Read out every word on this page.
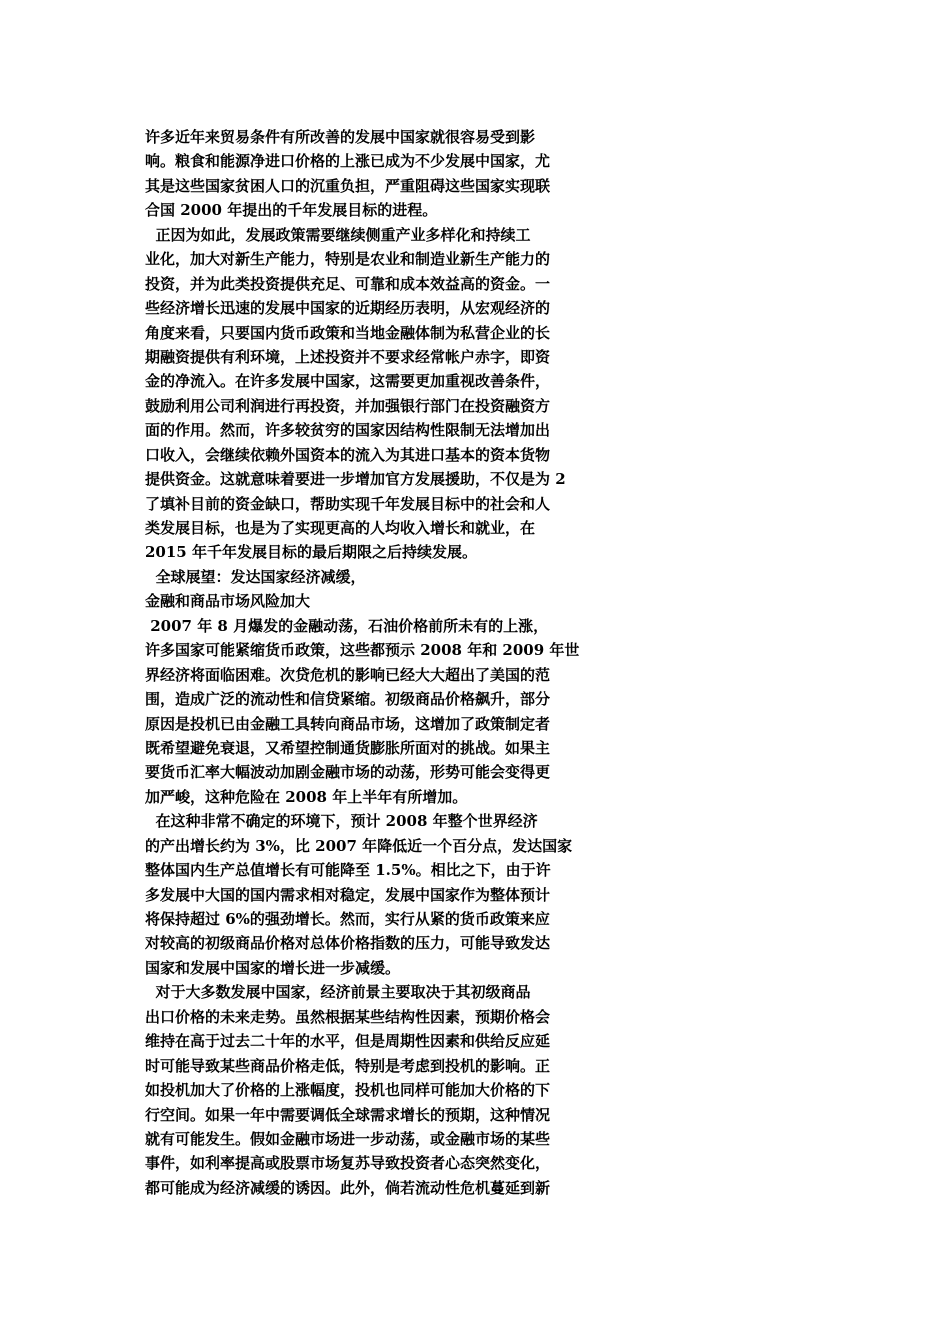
许多近年来贸易条件有所改善的发展中国家就很容易受到影
响。粮食和能源净进口价格的上涨已成为不少发展中国家，尤
其是这些国家贫困人口的沉重负担，严重阻碍这些国家实现联
合国 2000 年提出的千年发展目标的进程。
正因为如此，发展政策需要继续侧重产业多样化和持续工
业化，加大对新生产能力，特别是农业和制造业新生产能力的
投资，并为此类投资提供充足、可靠和成本效益高的资金。一
些经济增长迅速的发展中国家的近期经历表明，从宏观经济的
角度来看，只要国内货币政策和当地金融体制为私营企业的长
期融资提供有利环境，上述投资并不要求经常帐户赤字，即资
金的净流入。在许多发展中国家，这需要更加重视改善条件，
鼓励利用公司利润进行再投资，并加强银行部门在投资融资方
面的作用。然而，许多较贫穷的国家因结构性限制无法增加出
口收入，会继续依赖外国资本的流入为其进口基本的资本货物
提供资金。这就意味着要进一步增加官方发展援助，不仅是为 2
了填补目前的资金缺口，帮助实现千年发展目标中的社会和人
类发展目标，也是为了实现更高的人均收入增长和就业，在
2015 年千年发展目标的最后期限之后持续发展。
全球展望：发达国家经济减缓，
金融和商品市场风险加大
2007 年 8 月爆发的金融动荡，石油价格前所未有的上涨，
许多国家可能紧缩货币政策，这些都预示 2008 年和 2009 年世
界经济将面临困难。次贷危机的影响已经大大超出了美国的范
围，造成广泛的流动性和信贷紧缩。初级商品价格飙升，部分
原因是投机已由金融工具转向商品市场，这增加了政策制定者
既希望避免衰退，又希望控制通货膨胀所面对的挑战。如果主
要货币汇率大幅波动加剧金融市场的动荡，形势可能会变得更
加严峻，这种危险在 2008 年上半年有所增加。
在这种非常不确定的环境下，预计 2008 年整个世界经济
的产出增长约为 3%，比 2007 年降低近一个百分点，发达国家
整体国内生产总值增长有可能降至 1.5%。相比之下，由于许
多发展中大国的国内需求相对稳定，发展中国家作为整体预计
将保持超过 6%的强劲增长。然而，实行从紧的货币政策来应
对较高的初级商品价格对总体价格指数的压力，可能导致发达
国家和发展中国家的增长进一步减缓。
对于大多数发展中国家，经济前景主要取决于其初级商品
出口价格的未来走势。虽然根据某些结构性因素，预期价格会
维持在高于过去二十年的水平，但是周期性因素和供给反应延
时可能导致某些商品价格走低，特别是考虑到投机的影响。正
如投机加大了价格的上涨幅度，投机也同样可能加大价格的下
行空间。如果一年中需要调低全球需求增长的预期，这种情况
就有可能发生。假如金融市场进一步动荡，或金融市场的某些
事件，如利率提高或股票市场复苏导致投资者心态突然变化，
都可能成为经济减缓的诱因。此外，倘若流动性危机蔓延到新
